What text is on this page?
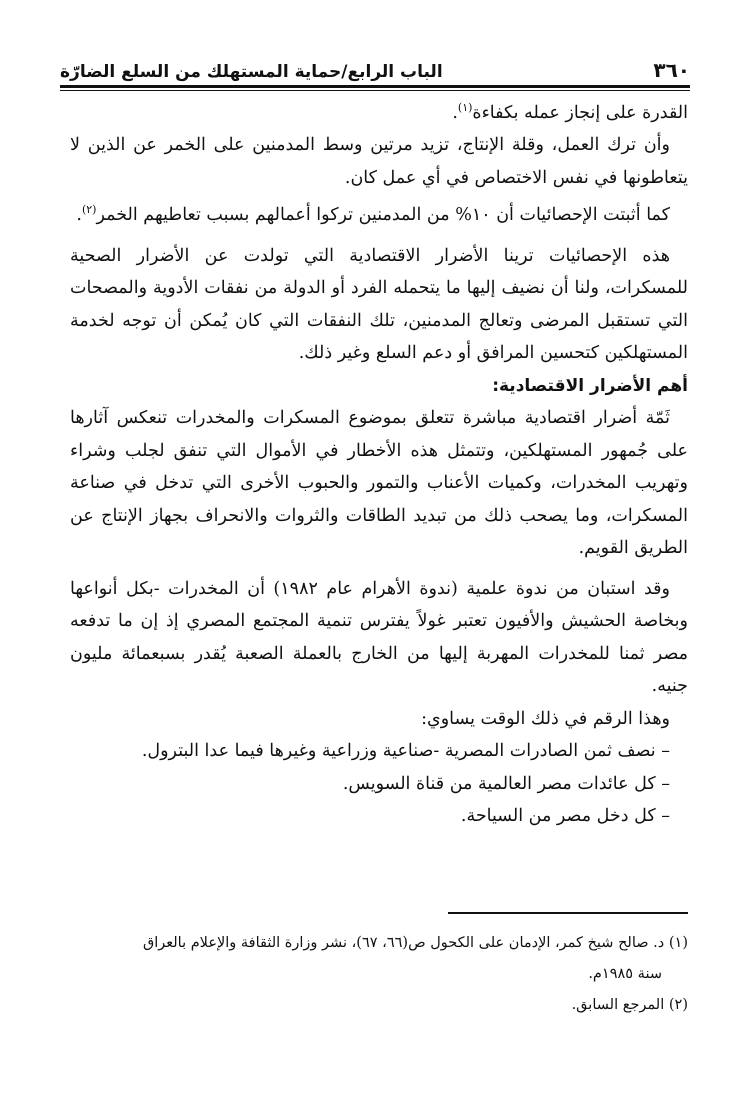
٣٦٠
الباب الرابع/حماية المستهلك من السلع الضارّة

القدرة على إنجاز عمله بكفاءة$^{(١)}$.

وأن ترك العمل، وقلة الإنتاج، تزيد مرتين وسط المدمنين على الخمر عن الذين لا يتعاطونها في نفس الاختصاص في أي عمل كان.

كما أثبتت الإحصائيات أن ١٠% من المدمنين تركوا أعمالهم بسبب تعاطيهم الخمر$^{(٢)}$.

هذه الإحصائيات ترينا الأضرار الاقتصادية التي تولدت عن الأضرار الصحية للمسكرات، ولنا أن نضيف إليها ما يتحمله الفرد أو الدولة من نفقات الأدوية والمصحات التي تستقبل المرضى وتعالج المدمنين، تلك النفقات التي كان يُمكن أن توجه لخدمة المستهلكين كتحسين المرافق أو دعم السلع وغير ذلك.

أهم الأضرار الاقتصادية:

ثَمّة أضرار اقتصادية مباشرة تتعلق بموضوع المسكرات والمخدرات تنعكس آثارها على جُمهور المستهلكين، وتتمثل هذه الأخطار في الأموال التي تنفق لجلب وشراء وتهريب المخدرات، وكميات الأعناب والتمور والحبوب الأخرى التي تدخل في صناعة المسكرات، وما يصحب ذلك من تبديد الطاقات والثروات والانحراف بجهاز الإنتاج عن الطريق القويم.

وقد استبان من ندوة علمية (ندوة الأهرام عام ١٩٨٢) أن المخدرات -بكل أنواعها وبخاصة الحشيش والأفيون تعتبر غولاً يفترس تنمية المجتمع المصري إذ إن ما تدفعه مصر ثمنا للمخدرات المهربة إليها من الخارج بالعملة الصعبة يُقدر بسبعمائة مليون جنيه.

وهذا الرقم في ذلك الوقت يساوي:

– نصف ثمن الصادرات المصرية -صناعية وزراعية وغيرها فيما عدا البترول.

– كل عائدات مصر العالمية من قناة السويس.

– كل دخل مصر من السياحة.

(١) د. صالح شيخ كمر، الإدمان على الكحول ص(٦٦، ٦٧)، نشر وزارة الثقافة والإعلام بالعراق

سنة ١٩٨٥م.

(٢) المرجع السابق.
